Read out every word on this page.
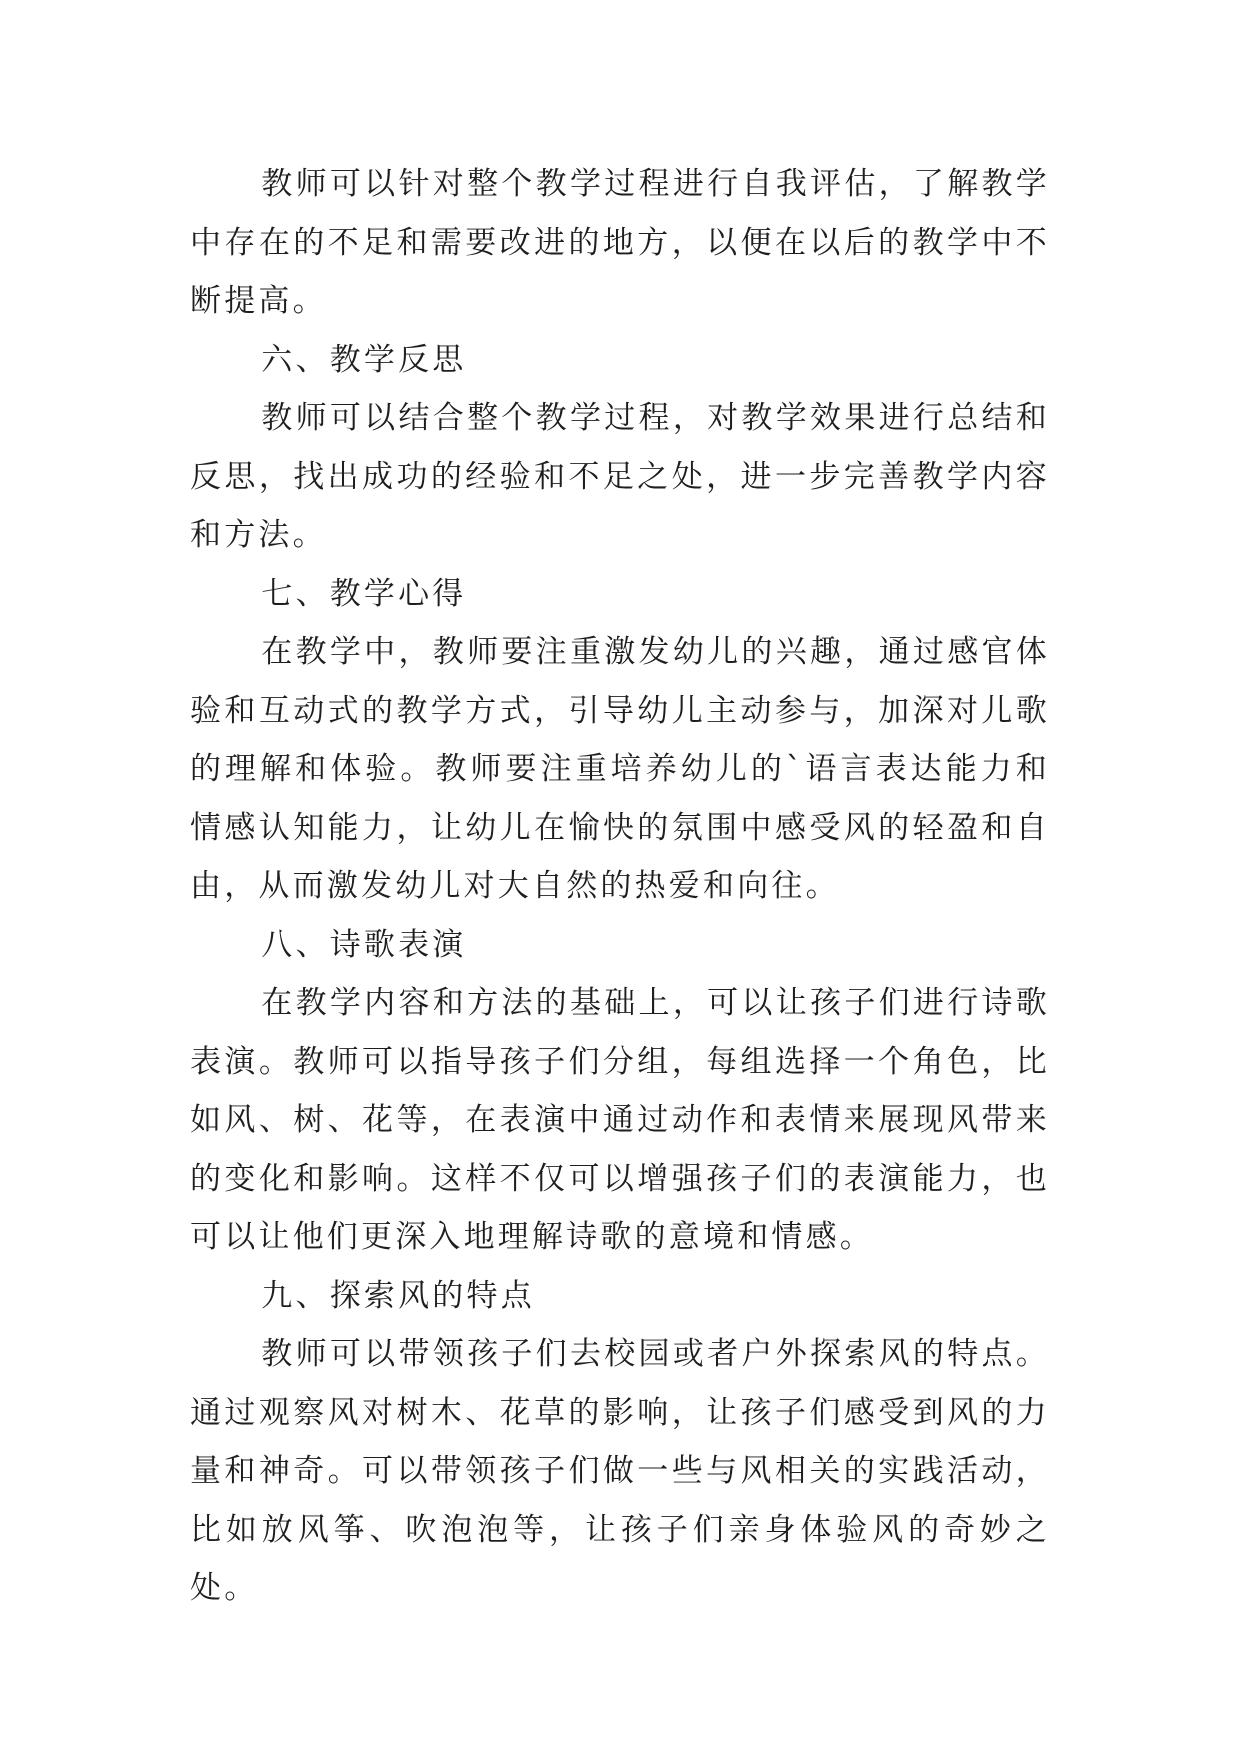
教师可以针对整个教学过程进行自我评估，了解教学中存在的不足和需要改进的地方，以便在以后的教学中不断提高。

六、教学反思

教师可以结合整个教学过程，对教学效果进行总结和反思，找出成功的经验和不足之处，进一步完善教学内容和方法。

七、教学心得

在教学中，教师要注重激发幼儿的兴趣，通过感官体验和互动式的教学方式，引导幼儿主动参与，加深对儿歌的理解和体验。教师要注重培养幼儿的`语言表达能力和情感认知能力，让幼儿在愉快的氛围中感受风的轻盈和自由，从而激发幼儿对大自然的热爱和向往。

八、诗歌表演

在教学内容和方法的基础上，可以让孩子们进行诗歌表演。教师可以指导孩子们分组，每组选择一个角色，比如风、树、花等，在表演中通过动作和表情来展现风带来的变化和影响。这样不仅可以增强孩子们的表演能力，也可以让他们更深入地理解诗歌的意境和情感。

九、探索风的特点

教师可以带领孩子们去校园或者户外探索风的特点。通过观察风对树木、花草的影响，让孩子们感受到风的力量和神奇。可以带领孩子们做一些与风相关的实践活动，比如放风筝、吹泡泡等，让孩子们亲身体验风的奇妙之处。
